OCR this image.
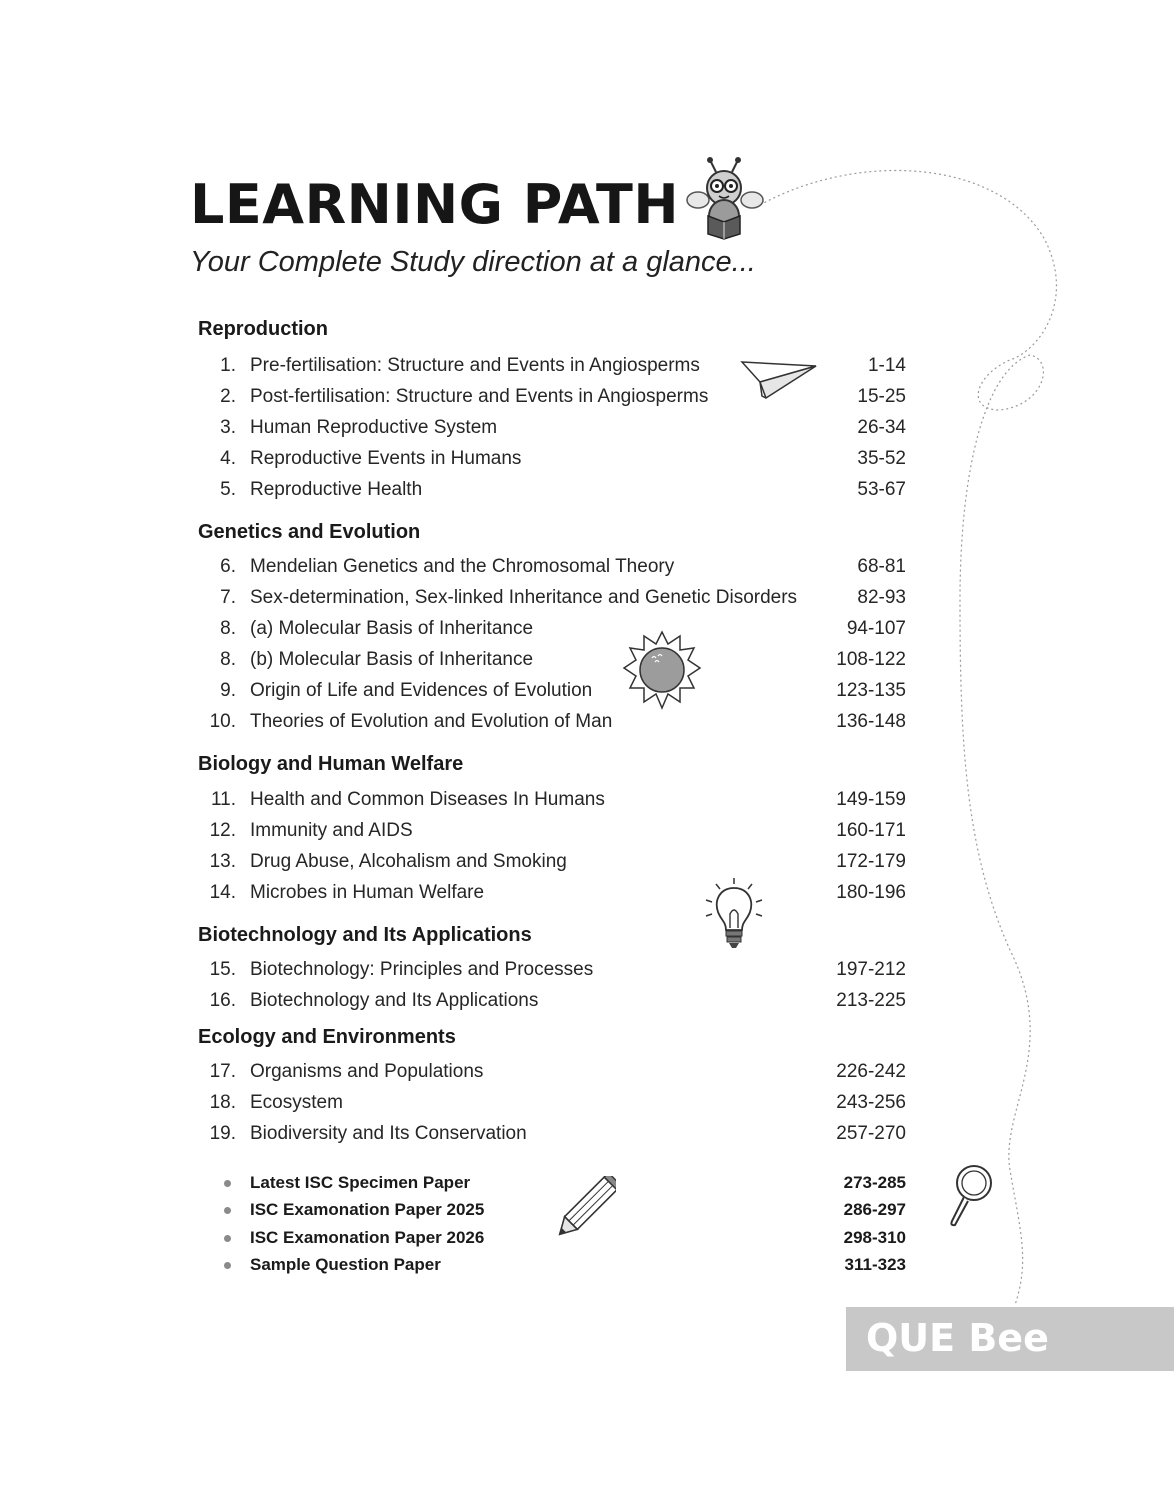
LEARNING PATH
Your Complete Study direction at a glance...
Reproduction
1. Pre-fertilisation: Structure and Events in Angiosperms	1-14
2. Post-fertilisation: Structure and Events in Angiosperms	15-25
3. Human Reproductive System	26-34
4. Reproductive Events in Humans	35-52
5. Reproductive Health	53-67
Genetics and Evolution
6. Mendelian Genetics and the Chromosomal Theory	68-81
7. Sex-determination, Sex-linked Inheritance and Genetic Disorders	82-93
8. (a) Molecular Basis of Inheritance	94-107
8. (b) Molecular Basis of Inheritance	108-122
9. Origin of Life and Evidences of Evolution	123-135
10. Theories of Evolution and Evolution of Man	136-148
Biology and Human Welfare
11. Health and Common Diseases In Humans	149-159
12. Immunity and AIDS	160-171
13. Drug Abuse, Alcohalism and Smoking	172-179
14. Microbes in Human Welfare	180-196
Biotechnology and Its Applications
15. Biotechnology: Principles and Processes	197-212
16. Biotechnology and Its Applications	213-225
Ecology and Environments
17. Organisms and Populations	226-242
18. Ecosystem	243-256
19. Biodiversity and Its Conservation	257-270
Latest ISC Specimen Paper	273-285
ISC Examonation Paper 2025	286-297
ISC Examonation Paper 2026	298-310
Sample Question Paper	311-323
QUE Bee
